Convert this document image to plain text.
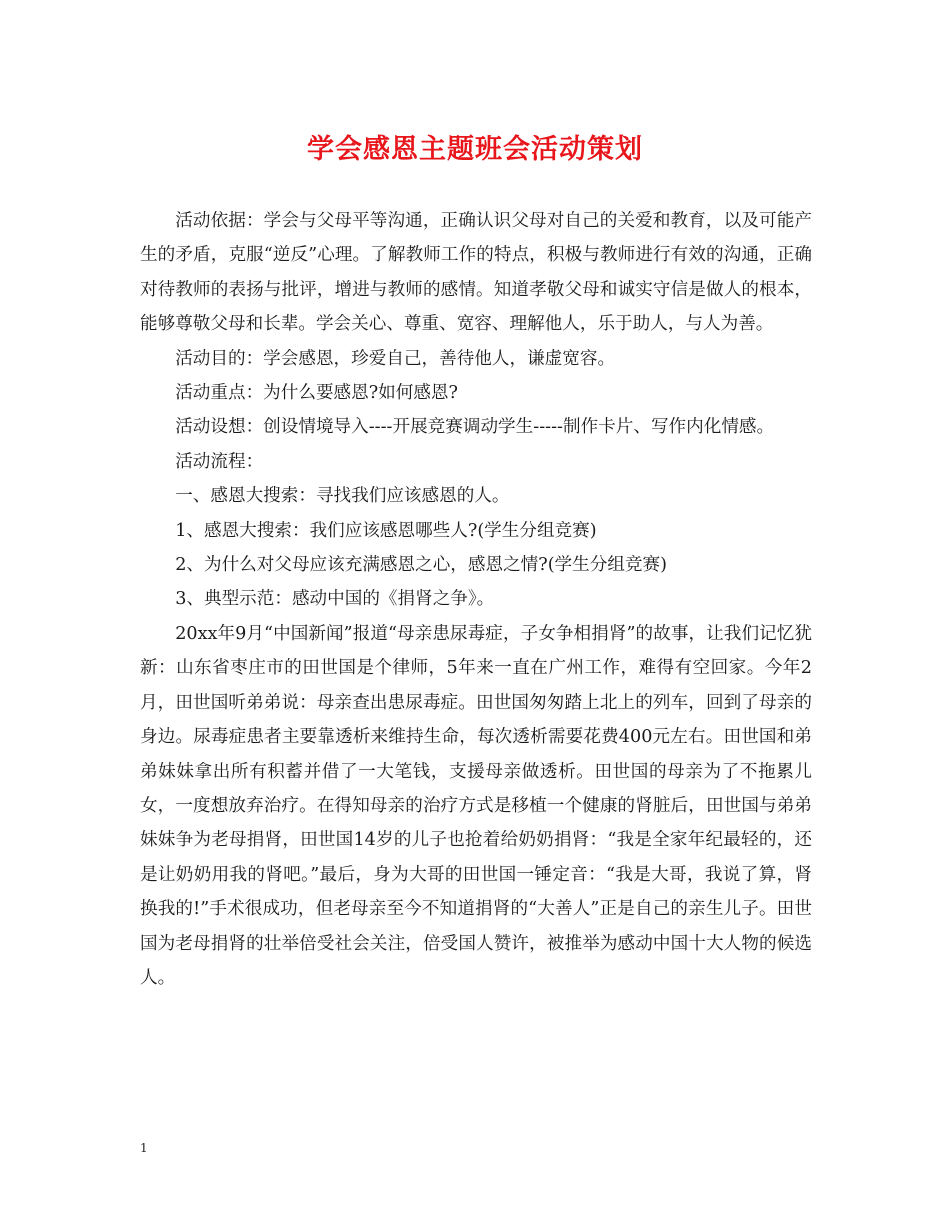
学会感恩主题班会活动策划

活动依据：学会与父母平等沟通，正确认识父母对自己的关爱和教育，以及可能产生的矛盾，克服“逆反”心理。了解教师工作的特点，积极与教师进行有效的沟通，正确对待教师的表扬与批评，增进与教师的感情。知道孝敬父母和诚实守信是做人的根本，能够尊敬父母和长辈。学会关心、尊重、宽容、理解他人，乐于助人，与人为善。

活动目的：学会感恩，珍爱自己，善待他人，谦虚宽容。

活动重点：为什么要感恩?如何感恩?

活动设想：创设情境导入----开展竞赛调动学生-----制作卡片、写作内化情感。

活动流程：

一、感恩大搜索：寻找我们应该感恩的人。

1、感恩大搜索：我们应该感恩哪些人?(学生分组竞赛)

2、为什么对父母应该充满感恩之心，感恩之情?(学生分组竞赛)

3、典型示范：感动中国的《捐肾之争》。

20xx年9月“中国新闻”报道“母亲患尿毒症，子女争相捐肾”的故事，让我们记忆犹新：山东省枣庄市的田世国是个律师，5年来一直在广州工作，难得有空回家。今年2月，田世国听弟弟说：母亲查出患尿毒症。田世国匆匆踏上北上的列车，回到了母亲的身边。尿毒症患者主要靠透析来维持生命，每次透析需要花费400元左右。田世国和弟弟妹妹拿出所有积蓄并借了一大笔钱，支援母亲做透析。田世国的母亲为了不拖累儿女，一度想放弃治疗。在得知母亲的治疗方式是移植一个健康的肾脏后，田世国与弟弟妹妹争为老母捐肾，田世国14岁的儿子也抢着给奶奶捐肾：“我是全家年纪最轻的，还是让奶奶用我的肾吧。”最后，身为大哥的田世国一锤定音：“我是大哥，我说了算，肾换我的!”手术很成功，但老母亲至今不知道捐肾的“大善人”正是自己的亲生儿子。田世国为老母捐肾的壮举倍受社会关注，倍受国人赞许，被推举为感动中国十大人物的候选人。

1
